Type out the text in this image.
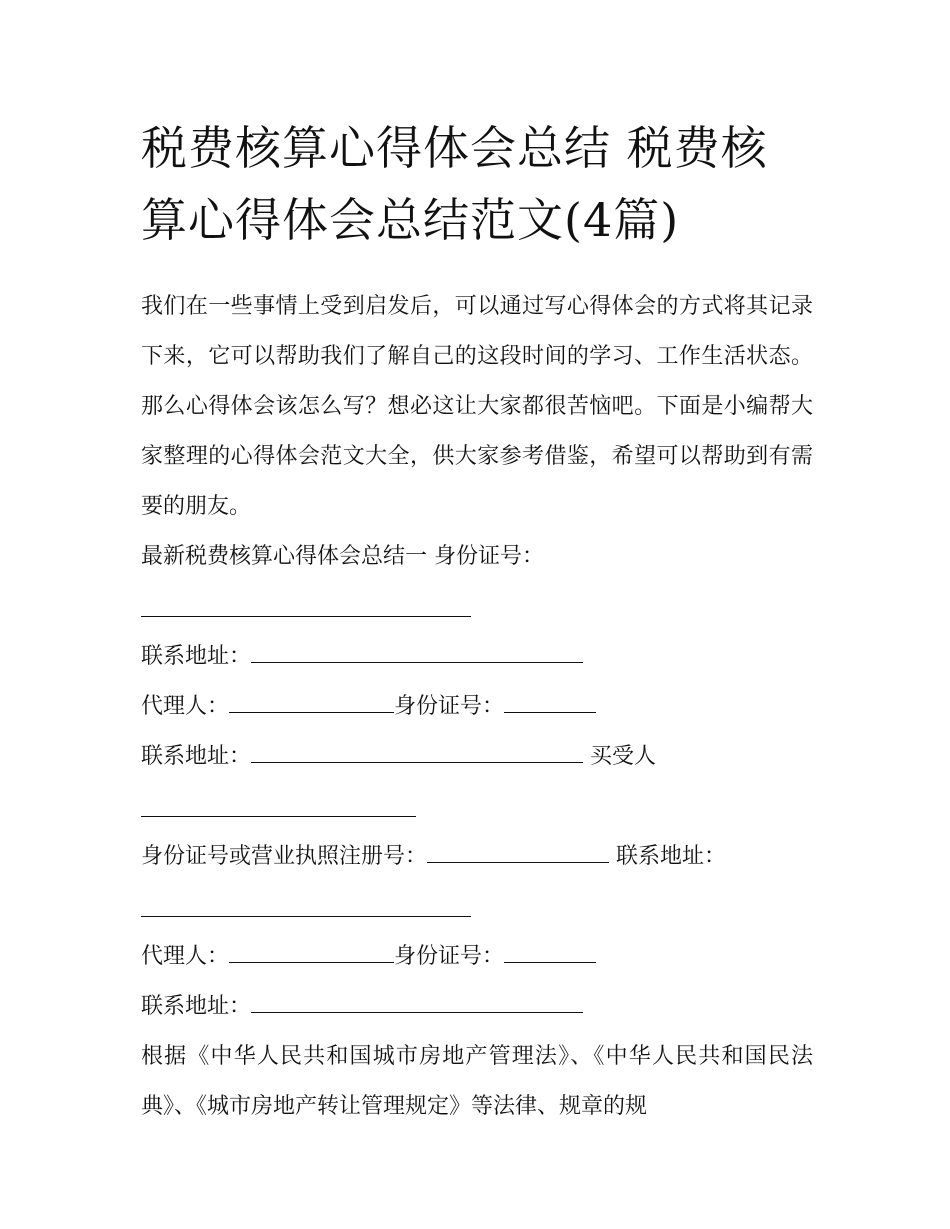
税费核算心得体会总结 税费核算心得体会总结范文(4篇)

我们在一些事情上受到启发后，可以通过写心得体会的方式将其记录下来，它可以帮助我们了解自己的这段时间的学习、工作生活状态。那么心得体会该怎么写？想必这让大家都很苦恼吧。下面是小编帮大家整理的心得体会范文大全，供大家参考借鉴，希望可以帮助到有需要的朋友。

最新税费核算心得体会总结一 身份证号：
联系地址：
代理人：	身份证号：
联系地址：	买受人
身份证号或营业执照注册号：	联系地址：
代理人：	身份证号：
联系地址：

根据《中华人民共和国城市房地产管理法》、《中华人民共和国民法典》、《城市房地产转让管理规定》等法律、规章的规
